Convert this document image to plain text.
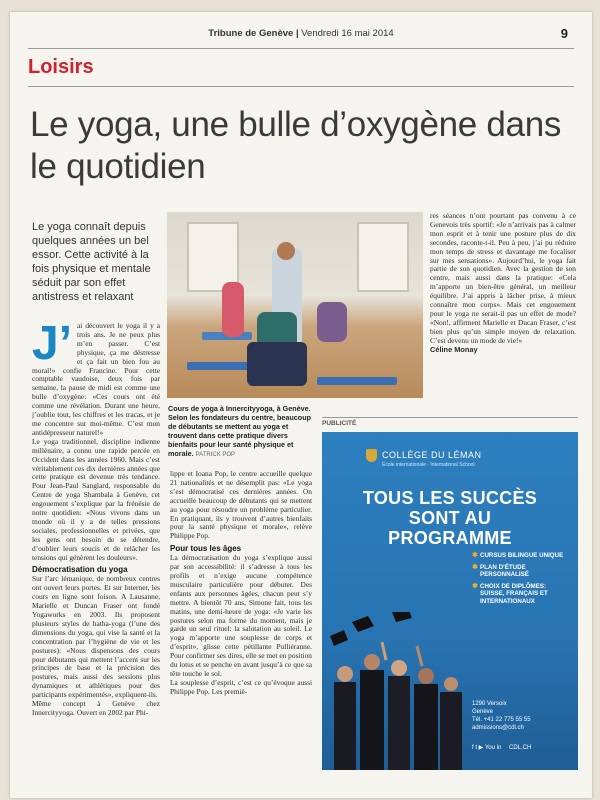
Tribune de Genève | Vendredi 16 mai 2014	9
Loisirs
Le yoga, une bulle d’oxygène dans le quotidien
Le yoga connaît depuis quelques années un bel essor. Cette activité à la fois physique et mentale séduit par son effet antistress et relaxant
Cours de yoga à Innercityyoga, à Genève. Selon les fondateurs du centre, beaucoup de débutants se mettent au yoga et trouvent dans cette pratique divers bienfaits pour leur santé physique et morale. PATRICK POP
J’ ai découvert le yoga il y a trois ans. Je ne peux plus m’en passer. C’est physique, ça me déstresse et ça fait un bien fou au moral!» confie Francine. Pour cette comptable vaudoise, deux fois par semaine, la pause de midi est comme une bulle d’oxygène: «Ces cours ont été comme une révélation. Durant une heure, j’oublie tout, les chiffres et les tracas, et je me concentre sur moi-même. C’est mon antidépresseur naturel!»

Le yoga traditionnel, discipline indienne millénaire, a connu une rapide percée en Occident dans les années 1960. Mais c’est véritablement ces dix dernières années que cette pratique est devenue très tendance. Pour Jean-Paul Sanglard, responsable du Centre de yoga Shambala à Genève, cet engouement s’explique par la frénésie de notre quotidien: «Nous vivons dans un monde où il y a de telles pressions sociales, professionnelles et privées, que les gens ont besoin de se détendre, d’oublier leurs soucis et de relâcher les tensions qui génèrent les douleurs».

Démocratisation du yoga

Sur l’arc lémanique, de nombreux centres ont ouvert leurs portes. Et sur Internet, les cours en ligne sont foison. A Lausanne, Marielle et Duncan Fraser ont fondé Yogaworks en 2003. Ils proposent plusieurs styles de hatha-yoga (l’une des dimensions du yoga, qui vise la santé et la concentration par l’hygiène de vie et les postures): «Nous dispensons des cours pour débutants qui mettent l’accent sur les principes de base et la précision des postures, mais aussi des sessions plus dynamiques et athlétiques pour des participants expérimentés», expliquent-ils.

Même concept à Genève chez Innercityyoga. Ouvert en 2002 par Phi-

lippe et Ioana Pop, le centre accueille quelque 21 nationalités et ne désemplit pas: «Le yoga s’est démocratisé ces dernières années. On accueille beaucoup de débutants qui se mettent au yoga pour résoudre un problème particulier. En pratiquant, ils y trouvent d’autres bienfaits pour la santé physique et morale», relève Philippe Pop.

Pour tous les âges

La démocratisation du yoga s’explique aussi par son accessibilité: il s’adresse à tous les profils et n’exige aucune compétence musculaire particulière pour débuter. Des enfants aux personnes âgées, chacun peut s’y mettre. A bientôt 70 ans, Simone fait, tous les matins, une demi-heure de yoga: «Je varie les postures selon ma forme du moment, mais je garde un seul rituel: la salutation au soleil. Le yoga m’apporte une souplesse de corps et d’esprit», glisse cette pétillante Pulliéranne. Pour confirmer ses dires, elle se met en position du lotus et se penche en avant jusqu’à ce que sa tête touche le sol.

La souplesse d’esprit, c’est ce qu’évoque aussi Philippe Pop. Les premiè-

res séances n’ont pourtant pas convenu à ce Genevois très sportif: «Je n’arrivais pas à calmer mon esprit et à tenir une posture plus de dix secondes, raconte-t-il. Peu à peu, j’ai pu réduire mon temps de stress et davantage me focaliser sur mes sensations». Aujourd’hui, le yoga fait partie de son quotidien. Avec la gestion de son centre, mais aussi dans la pratique: «Cela m’apporte un bien-être général, un meilleur équilibre. J’ai appris à lâcher prise, à mieux connaître mon corps». Mais cet engouement pour le yoga ne serait-il pas un effet de mode? «Non!, affirment Marielle et Ducan Fraser, c’est bien plus qu’un simple moyen de relaxation. C’est devenu un mode de vie!»

Céline Monay

PUBLICITÉ
COLLÈGE DU LÉMAN
École internationale · International School
TOUS LES SUCCÈS
SONT AU
PROGRAMME
✱ CURSUS BILINGUE UNIQUE
✱ PLAN D’ÉTUDE PERSONNALISÉ
✱ CHOIX DE DIPLÔMES: SUISSE, FRANÇAIS ET INTERNATIONAUX
1290 Versoix
Genève
Tél. +41 22 775 55 55
admissions@cdl.ch
f t ▶ You in CDL.CH
